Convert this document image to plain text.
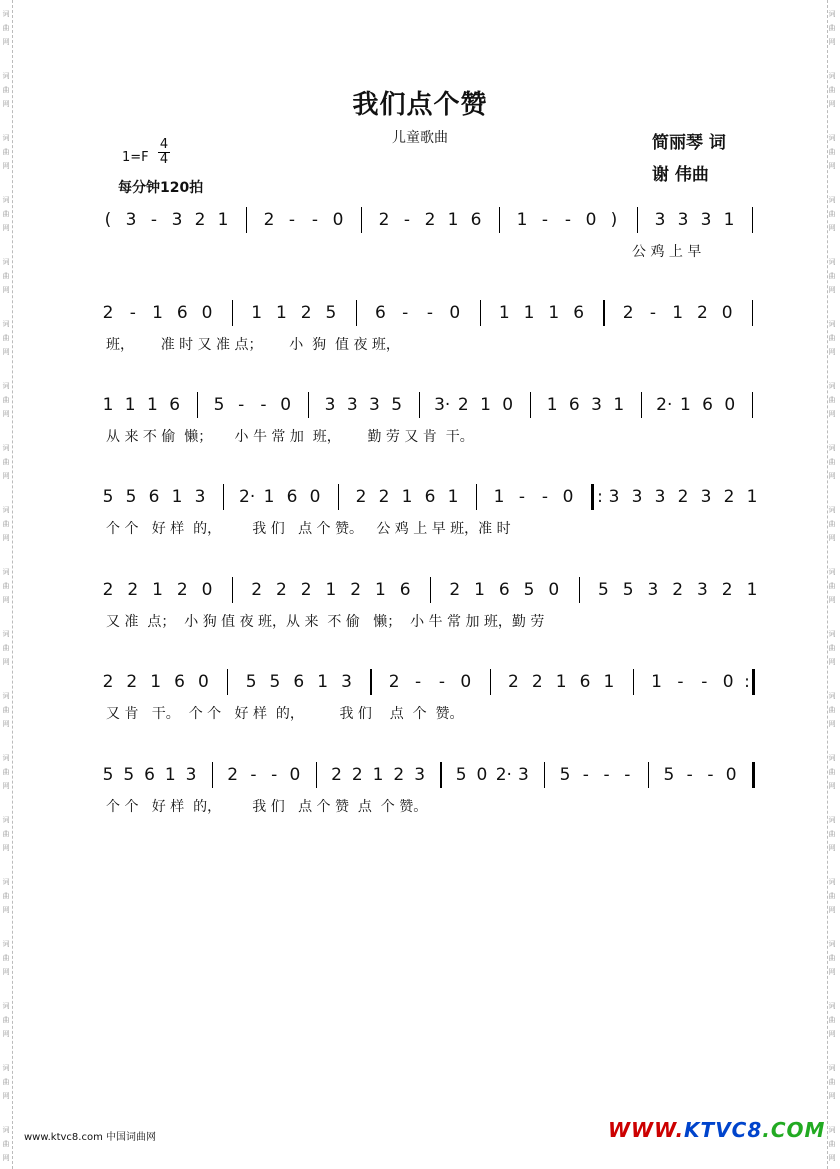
词
曲
网
词
曲
网
词
曲
网
词
曲
网
词
曲
网
词
曲
网
词
曲
网
词
曲
网
词
曲
网
词
曲
网
词
曲
网
词
曲
网
词
曲
网
词
曲
网
词
曲
网
词
曲
网
词
曲
网
词
曲
网
词
曲
网
词
曲
网
词
曲
网
词
曲
网
词
曲
网
词
曲
网
词
曲
网
词
曲
网
词
曲
网
词
曲
网
词
曲
网
词
曲
网
词
曲
网
词
曲
网
词
曲
网
词
曲
网
词
曲
网
词
曲
网
词
曲
网
词
曲
网
我们点个赞
儿童歌曲
1=F
4
4
每分钟120拍
简丽琴 词
谢 伟曲
( 3 - 3 2 1 2 - - 0 2 - 2 1 6 1 - - 0 ) 3 3 3 1
公 鸡 上 早
2 - 1 6 0 1 1 2 5 6 - - 0 1 1 1 6 2 - 1 2 0
班，      准 时 又 准 点；      小  狗  值 夜 班，
1 1 1 6 5 - - 0 3 3 3 5 3· 2 1 0 1 6 3 1 2· 1 6 0
从 来 不 偷  懒；     小 牛 常 加  班，      勤 劳 又 肯  干。
5 5 6 1 3 2· 1 6 0 2 2 1 6 1 1 - - 0 : 3 3 3 2 3 2 1
个 个   好 样  的，       我 们   点 个 赞。   公 鸡 上 早 班，准 时
2 2 1 2 0 2 2 2 1 2 1 6 2 1 6 5 0 5 5 3 2 3 2 1
又 准  点；  小 狗 值 夜 班，从 来  不 偷   懒；  小 牛 常 加 班，勤 劳
2 2 1 6 0 5 5 6 1 3 2 - - 0 2 2 1 6 1 1 - - 0 :
又 肯   干。  个 个   好 样  的，        我 们    点  个  赞。
5 5 6 1 3 2 - - 0 2 2 1 2 3 5 0 2· 3 5 - - - 5 - - 0
个 个   好 样  的，       我 们   点 个 赞  点  个 赞。
www.ktvc8.com 中国词曲网	WWW.KTVC8.COM
